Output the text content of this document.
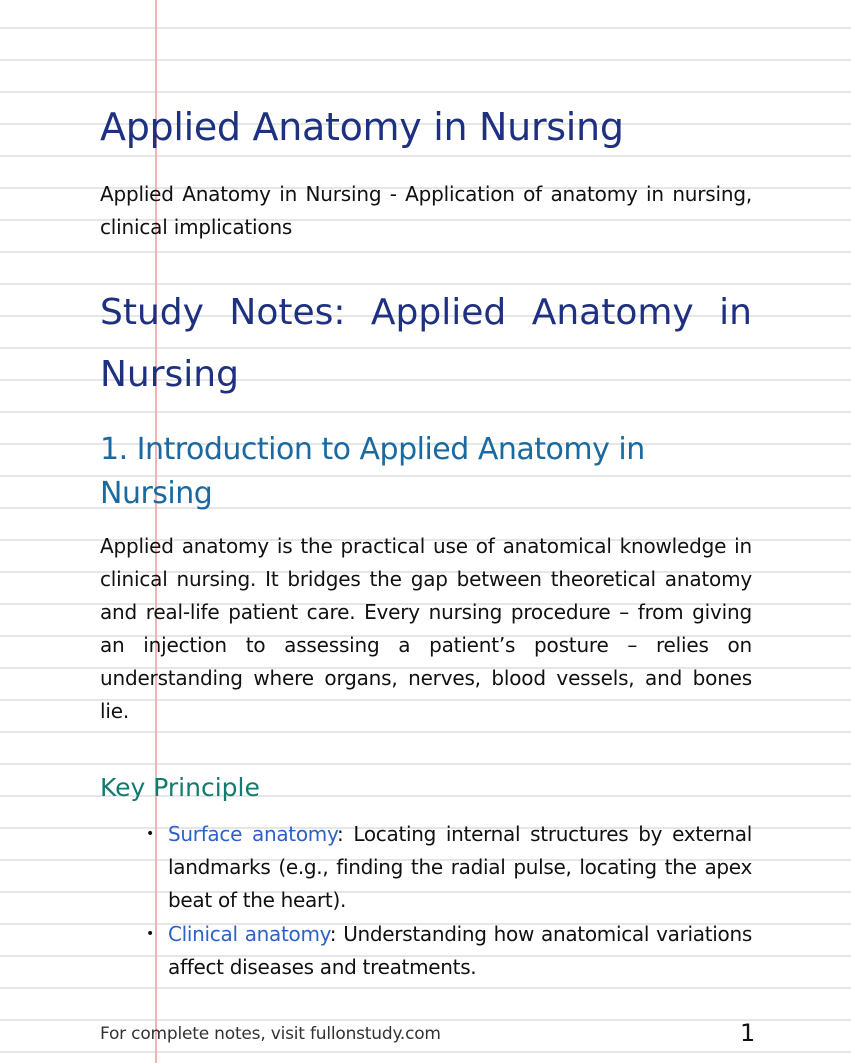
Applied Anatomy in Nursing

Applied Anatomy in Nursing - Application of anatomy in nursing, clinical implications

Study Notes: Applied Anatomy in Nursing
1. Introduction to Applied Anatomy in Nursing

Applied anatomy is the practical use of anatomical knowledge in clinical nursing. It bridges the gap between theoretical anatomy and real-life patient care. Every nursing procedure – from giving an injection to assessing a patient’s posture – relies on understanding where organs, nerves, blood vessels, and bones lie.

Key Principle
• Surface anatomy: Locating internal structures by external landmarks (e.g., finding the radial pulse, locating the apex beat of the heart).
• Clinical anatomy: Understanding how anatomical variations affect diseases and treatments.
For complete notes, visit fullonstudy.com	1
